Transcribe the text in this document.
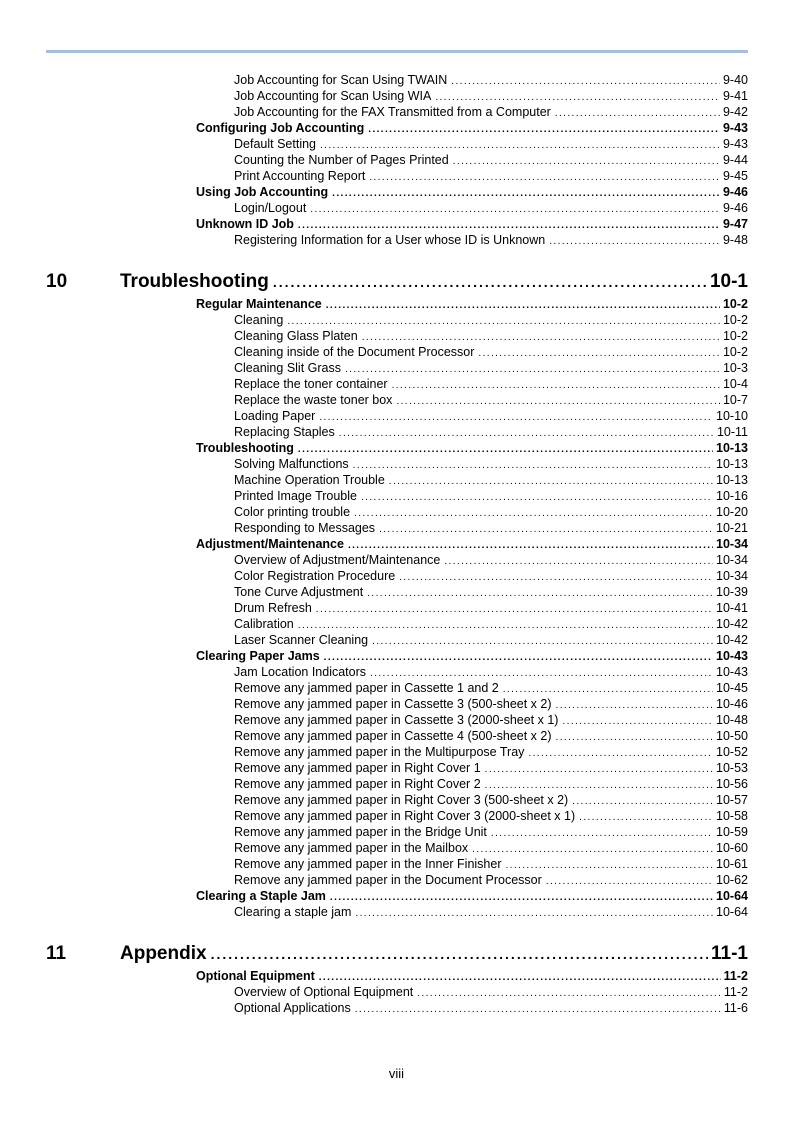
Job Accounting for Scan Using TWAIN .....	9-40
Job Accounting for Scan Using WIA .....	9-41
Job Accounting for the FAX Transmitted from a Computer .....	9-42
Configuring Job Accounting .....	9-43
Default Setting .....	9-43
Counting the Number of Pages Printed .....	9-44
Print Accounting Report .....	9-45
Using Job Accounting .....	9-46
Login/Logout .....	9-46
Unknown ID Job .....	9-47
Registering Information for a User whose ID is Unknown .....	9-48
10	Troubleshooting .....	10-1
Regular Maintenance .....	10-2
Cleaning .....	10-2
Cleaning Glass Platen .....	10-2
Cleaning inside of the Document Processor .....	10-2
Cleaning Slit Grass .....	10-3
Replace the toner container .....	10-4
Replace the waste toner box .....	10-7
Loading Paper .....	10-10
Replacing Staples .....	10-11
Troubleshooting .....	10-13
Solving Malfunctions .....	10-13
Machine Operation Trouble .....	10-13
Printed Image Trouble .....	10-16
Color printing trouble .....	10-20
Responding to Messages .....	10-21
Adjustment/Maintenance .....	10-34
Overview of Adjustment/Maintenance .....	10-34
Color Registration Procedure .....	10-34
Tone Curve Adjustment .....	10-39
Drum Refresh .....	10-41
Calibration .....	10-42
Laser Scanner Cleaning .....	10-42
Clearing Paper Jams .....	10-43
Jam Location Indicators .....	10-43
Remove any jammed paper in Cassette 1 and 2 .....	10-45
Remove any jammed paper in Cassette 3 (500-sheet x 2) .....	10-46
Remove any jammed paper in Cassette 3 (2000-sheet x 1) .....	10-48
Remove any jammed paper in Cassette 4 (500-sheet x 2) .....	10-50
Remove any jammed paper in the Multipurpose Tray .....	10-52
Remove any jammed paper in Right Cover 1 .....	10-53
Remove any jammed paper in Right Cover 2 .....	10-56
Remove any jammed paper in Right Cover 3 (500-sheet x 2) .....	10-57
Remove any jammed paper in Right Cover 3 (2000-sheet x 1) .....	10-58
Remove any jammed paper in the Bridge Unit .....	10-59
Remove any jammed paper in the Mailbox .....	10-60
Remove any jammed paper in the Inner Finisher .....	10-61
Remove any jammed paper in the Document Processor .....	10-62
Clearing a Staple Jam .....	10-64
Clearing a staple jam .....	10-64
11	Appendix .....	11-1
Optional Equipment .....	11-2
Overview of Optional Equipment .....	11-2
Optional Applications .....	11-6
viii
